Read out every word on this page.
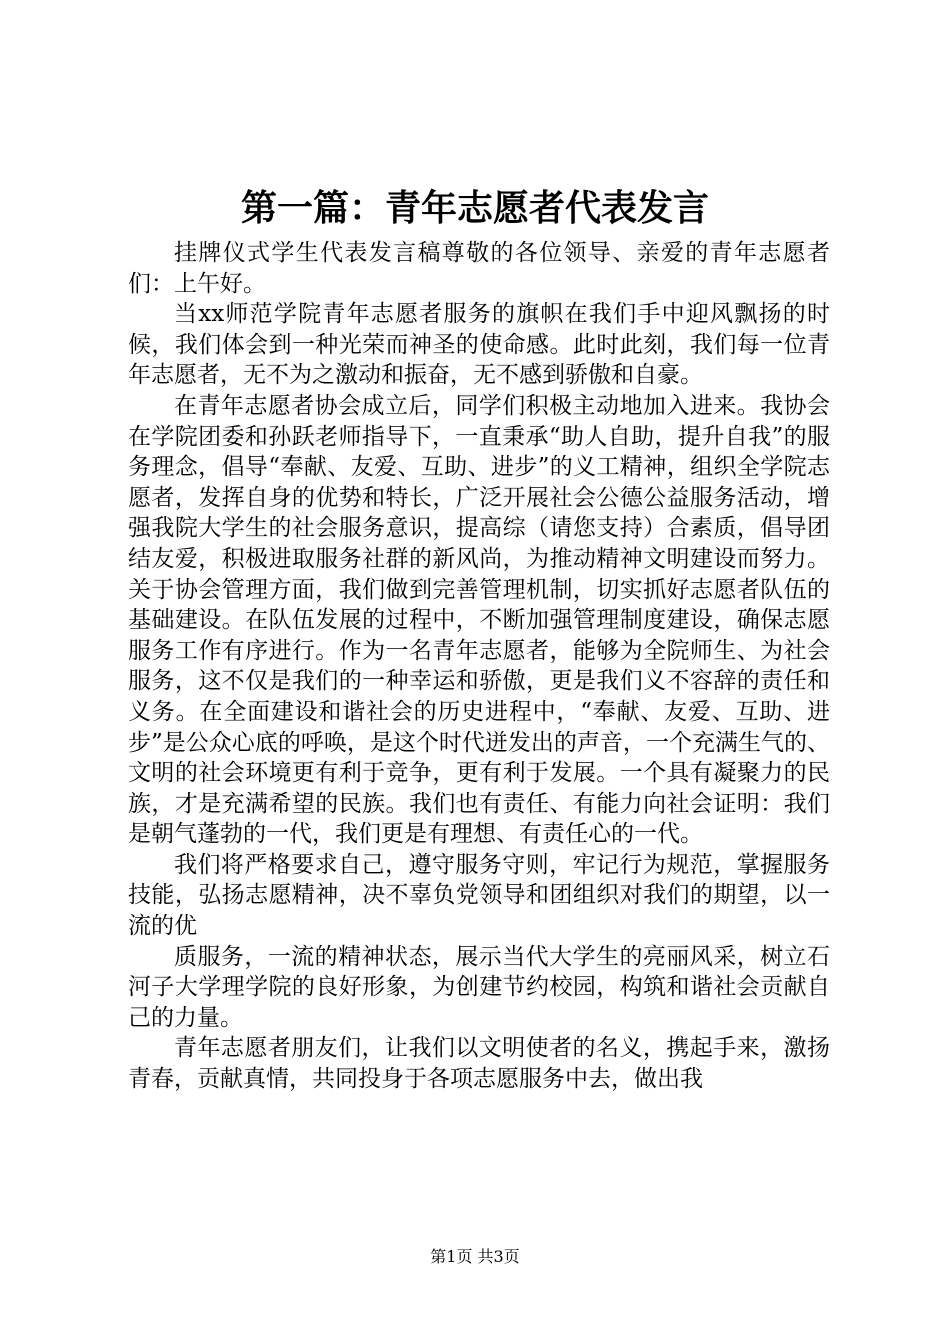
第一篇：青年志愿者代表发言

挂牌仪式学生代表发言稿尊敬的各位领导、亲爱的青年志愿者们：上午好。

当xx师范学院青年志愿者服务的旗帜在我们手中迎风飘扬的时候，我们体会到一种光荣而神圣的使命感。此时此刻，我们每一位青年志愿者，无不为之激动和振奋，无不感到骄傲和自豪。

在青年志愿者协会成立后，同学们积极主动地加入进来。我协会在学院团委和孙跃老师指导下，一直秉承“助人自助，提升自我”的服务理念，倡导“奉献、友爱、互助、进步”的义工精神，组织全学院志愿者，发挥自身的优势和特长，广泛开展社会公德公益服务活动，增强我院大学生的社会服务意识，提高综（请您支持）合素质，倡导团结友爱，积极进取服务社群的新风尚，为推动精神文明建设而努力。关于协会管理方面，我们做到完善管理机制，切实抓好志愿者队伍的基础建设。在队伍发展的过程中，不断加强管理制度建设，确保志愿服务工作有序进行。作为一名青年志愿者，能够为全院师生、为社会服务，这不仅是我们的一种幸运和骄傲，更是我们义不容辞的责任和义务。在全面建设和谐社会的历史进程中，“奉献、友爱、互助、进步”是公众心底的呼唤，是这个时代迸发出的声音，一个充满生气的、文明的社会环境更有利于竞争，更有利于发展。一个具有凝聚力的民族，才是充满希望的民族。我们也有责任、有能力向社会证明：我们是朝气蓬勃的一代，我们更是有理想、有责任心的一代。

我们将严格要求自己，遵守服务守则，牢记行为规范，掌握服务技能，弘扬志愿精神，决不辜负党领导和团组织对我们的期望，以一流的优

质服务，一流的精神状态，展示当代大学生的亮丽风采，树立石河子大学理学院的良好形象，为创建节约校园，构筑和谐社会贡献自己的力量。

青年志愿者朋友们，让我们以文明使者的名义，携起手来，激扬青春，贡献真情，共同投身于各项志愿服务中去，做出我

第1页 共3页
